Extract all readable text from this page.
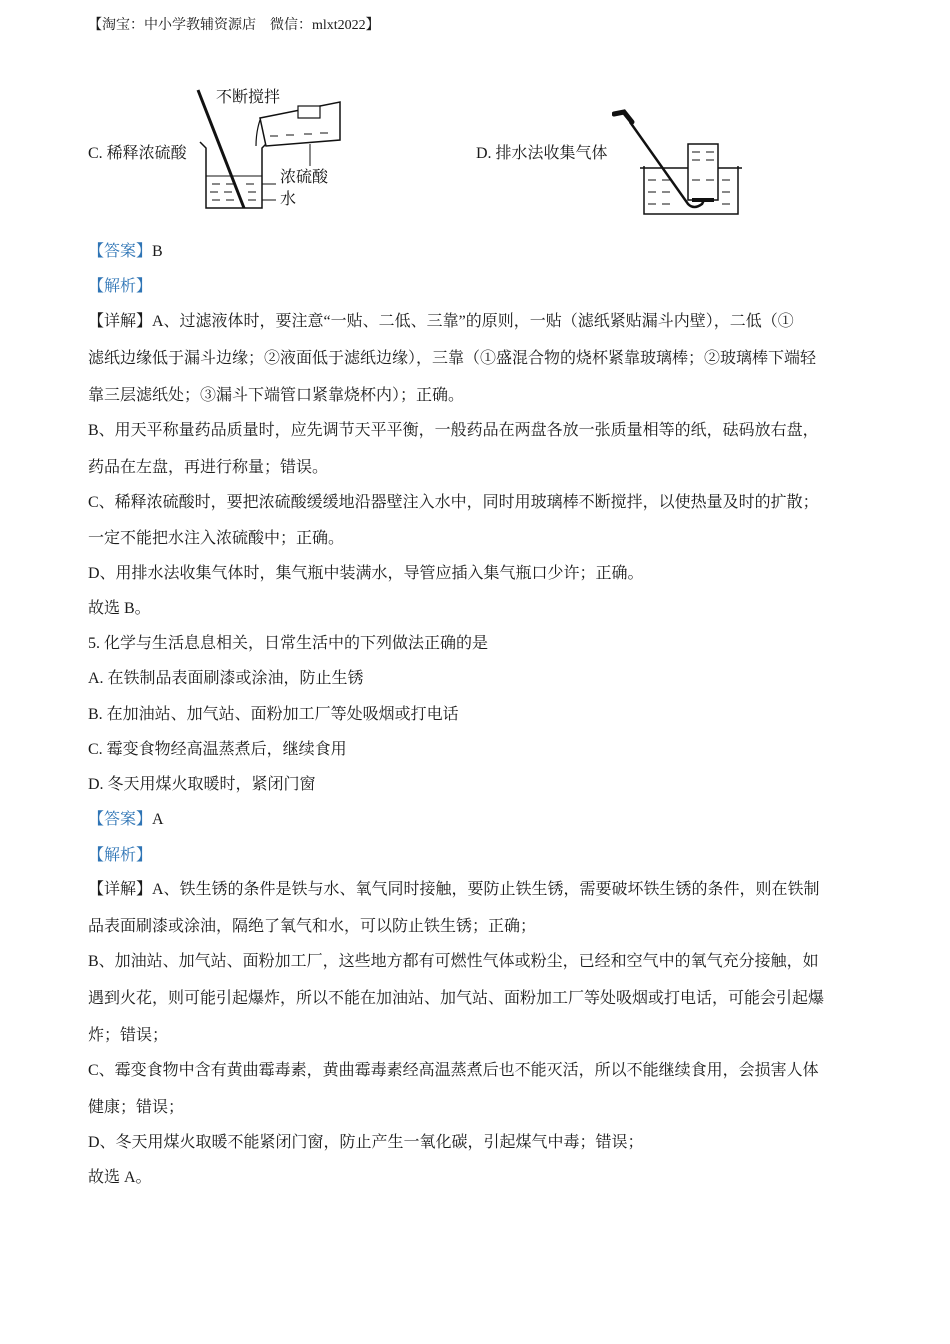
【淘宝：中小学教辅资源店　微信：mlxt2022】
C. 稀释浓硫酸
不断搅拌
浓硫酸
水
D. 排水法收集气体
【答案】B
【解析】
【详解】A、过滤液体时，要注意“一贴、二低、三靠”的原则，一贴（滤纸紧贴漏斗内壁），二低（①
滤纸边缘低于漏斗边缘；②液面低于滤纸边缘），三靠（①盛混合物的烧杯紧靠玻璃棒；②玻璃棒下端轻
靠三层滤纸处；③漏斗下端管口紧靠烧杯内）；正确。
B、用天平称量药品质量时，应先调节天平平衡，一般药品在两盘各放一张质量相等的纸，砝码放右盘，
药品在左盘，再进行称量；错误。
C、稀释浓硫酸时，要把浓硫酸缓缓地沿器壁注入水中，同时用玻璃棒不断搅拌，以使热量及时的扩散；
一定不能把水注入浓硫酸中；正确。
D、用排水法收集气体时，集气瓶中装满水，导管应插入集气瓶口少许；正确。
故选 B。
5. 化学与生活息息相关，日常生活中的下列做法正确的是
A. 在铁制品表面刷漆或涂油，防止生锈
B. 在加油站、加气站、面粉加工厂等处吸烟或打电话
C. 霉变食物经高温蒸煮后，继续食用
D. 冬天用煤火取暖时，紧闭门窗
【答案】A
【解析】
【详解】A、铁生锈的条件是铁与水、氧气同时接触，要防止铁生锈，需要破坏铁生锈的条件，则在铁制
品表面刷漆或涂油，隔绝了氧气和水，可以防止铁生锈；正确；
B、加油站、加气站、面粉加工厂，这些地方都有可燃性气体或粉尘，已经和空气中的氧气充分接触，如
遇到火花，则可能引起爆炸，所以不能在加油站、加气站、面粉加工厂等处吸烟或打电话，可能会引起爆
炸；错误；
C、霉变食物中含有黄曲霉毒素，黄曲霉毒素经高温蒸煮后也不能灭活，所以不能继续食用，会损害人体
健康；错误；
D、冬天用煤火取暖不能紧闭门窗，防止产生一氧化碳，引起煤气中毒；错误；
故选 A。
